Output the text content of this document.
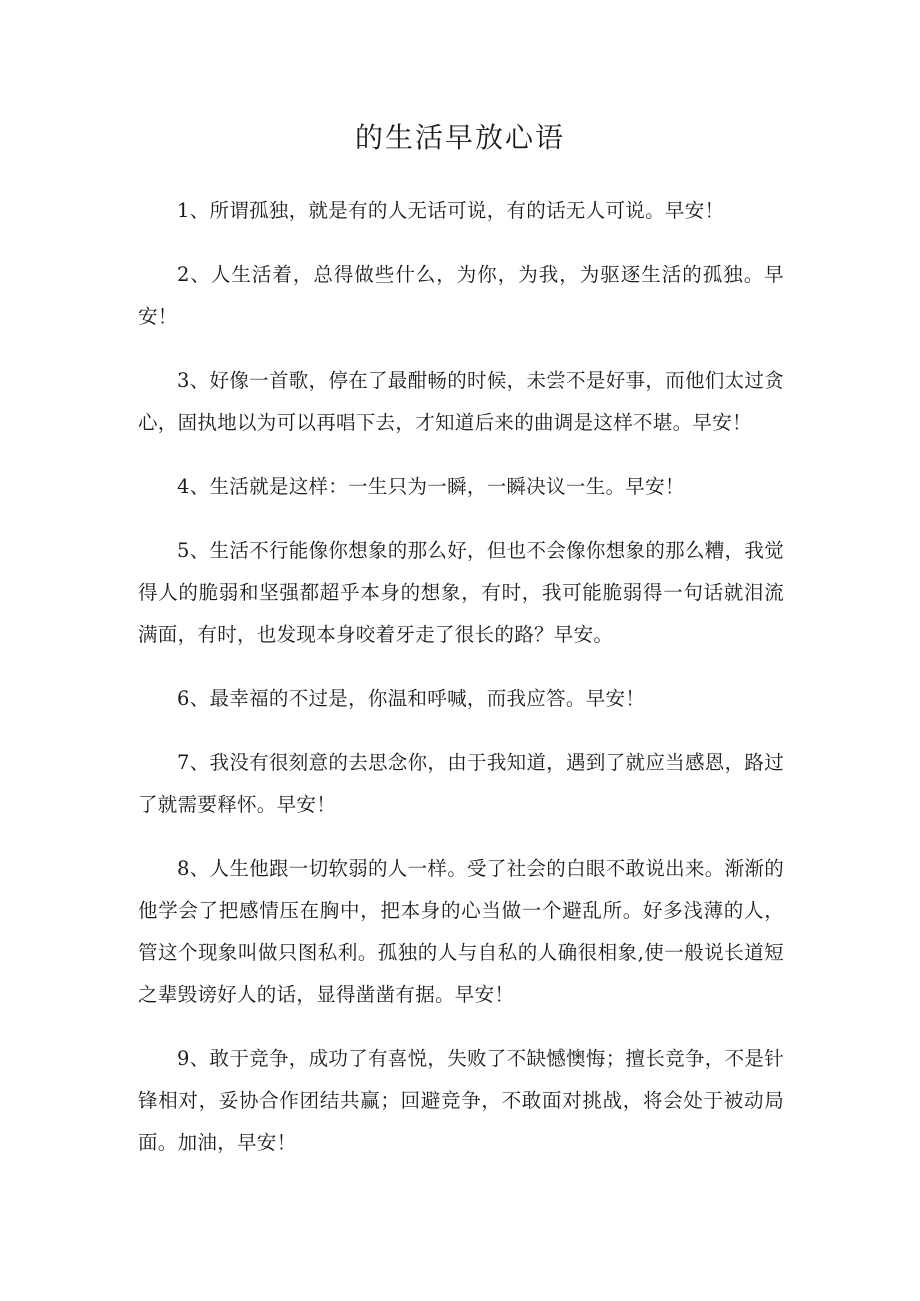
的生活早放心语

1、所谓孤独，就是有的人无话可说，有的话无人可说。早安！

2、人生活着，总得做些什么，为你，为我，为驱逐生活的孤独。早安！

3、好像一首歌，停在了最酣畅的时候，未尝不是好事，而他们太过贪心，固执地以为可以再唱下去，才知道后来的曲调是这样不堪。早安！

4、生活就是这样：一生只为一瞬，一瞬决议一生。早安！

5、生活不行能像你想象的那么好，但也不会像你想象的那么糟，我觉得人的脆弱和坚强都超乎本身的想象，有时，我可能脆弱得一句话就泪流满面，有时，也发现本身咬着牙走了很长的路？早安。

6、最幸福的不过是，你温和呼喊，而我应答。早安！

7、我没有很刻意的去思念你，由于我知道，遇到了就应当感恩，路过了就需要释怀。早安！

8、人生他跟一切软弱的人一样。受了社会的白眼不敢说出来。渐渐的他学会了把感情压在胸中，把本身的心当做一个避乱所。好多浅薄的人，管这个现象叫做只图私利。孤独的人与自私的人确很相象,使一般说长道短之辈毁谤好人的话，显得凿凿有据。早安！

9、敢于竞争，成功了有喜悦，失败了不缺憾懊悔；擅长竞争，不是针锋相对，妥协合作团结共赢；回避竞争，不敢面对挑战，将会处于被动局面。加油，早安！
